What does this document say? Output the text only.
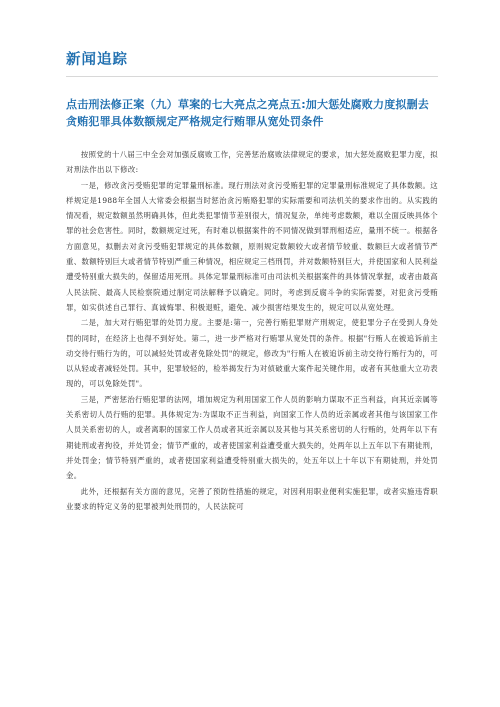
新闻追踪
点击刑法修正案（九）草案的七大亮点之亮点五:加大惩处腐败力度拟删去贪贿犯罪具体数额规定严格规定行贿罪从宽处罚条件

按照党的十八届三中全会对加强反腐败工作，完善惩治腐败法律规定的要求，加大惩处腐败犯罪力度，拟对刑法作出以下修改:

一是，修改贪污受贿犯罪的定罪量刑标准。现行刑法对贪污受贿犯罪的定罪量刑标准规定了具体数额。这样规定是1988年全国人大常委会根据当时惩治贪污贿赂犯罪的实际需要和司法机关的要求作出的。从实践的情况看，规定数额虽然明确具体，但此类犯罪情节差别很大，情况复杂，单纯考虑数额，难以全面反映具体个罪的社会危害性。同时，数额规定过死，有时难以根据案件的不同情况做到罪刑相适应，量刑不统一。根据各方面意见，拟删去对贪污受贿犯罪规定的具体数额，原则规定数额较大或者情节较重、数额巨大或者情节严重、数额特别巨大或者情节特别严重三种情况，相应规定三档刑罚，并对数额特别巨大，并使国家和人民利益遭受特别重大损失的，保留适用死刑。具体定罪量刑标准可由司法机关根据案件的具体情况掌握，或者由最高人民法院、最高人民检察院通过制定司法解释予以确定。同时，考虑到反腐斗争的实际需要，对犯贪污受贿罪，如实供述自己罪行、真诚悔罪、积极退赃，避免、减少损害结果发生的，规定可以从宽处理。

二是，加大对行贿犯罪的处罚力度。主要是:第一，完善行贿犯罪财产刑规定，使犯罪分子在受到人身处罚的同时，在经济上也得不到好处。第二，进一步严格对行贿罪从宽处罚的条件。根据"行贿人在被追诉前主动交待行贿行为的，可以减轻处罚或者免除处罚"的规定，修改为"行贿人在被追诉前主动交待行贿行为的，可以从轻或者减轻处罚。其中，犯罪较轻的，检举揭发行为对侦破重大案件起关键作用，或者有其他重大立功表现的，可以免除处罚"。

三是，严密惩治行贿犯罪的法网，增加规定为利用国家工作人员的影响力谋取不正当利益，向其近亲属等关系密切人员行贿的犯罪。具体规定为:为谋取不正当利益，向国家工作人员的近亲属或者其他与该国家工作人员关系密切的人，或者离职的国家工作人员或者其近亲属以及其他与其关系密切的人行贿的，处两年以下有期徒刑或者拘役，并处罚金；情节严重的，或者使国家利益遭受重大损失的，处两年以上五年以下有期徒刑，并处罚金；情节特别严重的，或者使国家利益遭受特别重大损失的，处五年以上十年以下有期徒刑，并处罚金。

此外，还根据有关方面的意见，完善了预防性措施的规定，对因利用职业便利实施犯罪，或者实施违背职业要求的特定义务的犯罪被判处刑罚的，人民法院可
